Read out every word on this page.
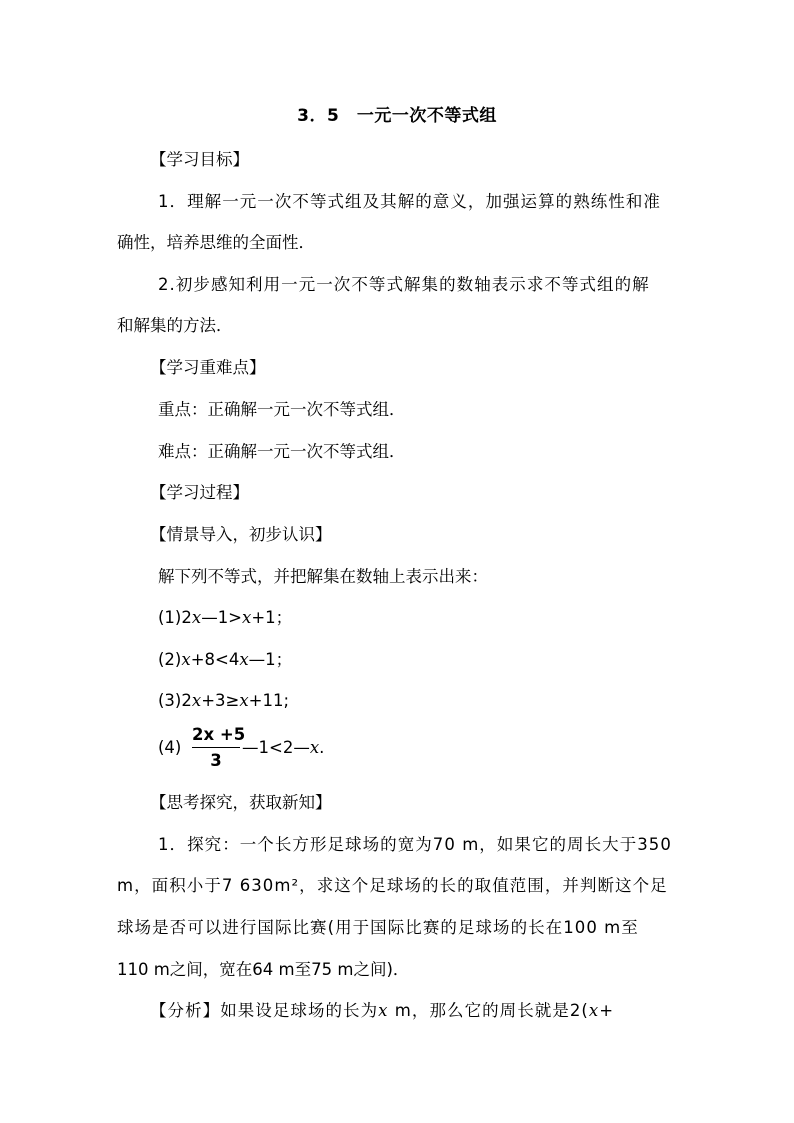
3．5　一元一次不等式组
【学习目标】
1．理解一元一次不等式组及其解的意义，加强运算的熟练性和准
确性，培养思维的全面性．
2.初步感知利用一元一次不等式解集的数轴表示求不等式组的解
和解集的方法．
【学习重难点】
重点：正确解一元一次不等式组．
难点：正确解一元一次不等式组．
【学习过程】
【情景导入，初步认识】
解下列不等式，并把解集在数轴上表示出来：
(1)2x—1>x+1；
(2)x+8<4x—1；
(3)2x+3≥x+11;
(4)
2x +5
3
—1<2—x.
【思考探究，获取新知】
1．探究：一个长方形足球场的宽为70 m，如果它的周长大于350
m，面积小于7 630m²，求这个足球场的长的取值范围，并判断这个足
球场是否可以进行国际比赛(用于国际比赛的足球场的长在100 m至
110 m之间，宽在64 m至75 m之间)．
【分析】如果设足球场的长为x m，那么它的周长就是2(x+
